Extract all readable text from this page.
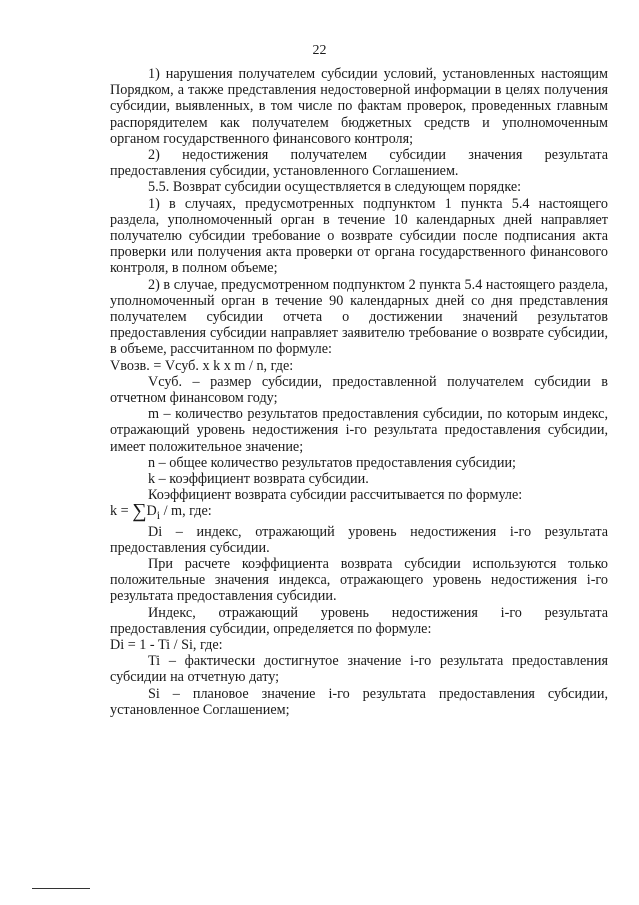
22

1) нарушения получателем субсидии условий, установленных настоящим Порядком, а также представления недостоверной информации в целях получения субсидии, выявленных, в том числе по фактам проверок, проведенных главным распорядителем как получателем бюджетных средств и уполномоченным органом государственного финансового контроля;

2) недостижения получателем субсидии значения результата предоставления субсидии, установленного Соглашением.

5.5. Возврат субсидии осуществляется в следующем порядке:

1) в случаях, предусмотренных подпунктом 1 пункта 5.4 настоящего раздела, уполномоченный орган в течение 10 календарных дней направляет получателю субсидии требование о возврате субсидии после подписания акта проверки или получения акта проверки от органа государственного финансового контроля, в полном объеме;

2) в случае, предусмотренном подпунктом 2 пункта 5.4 настоящего раздела, уполномоченный орган в течение 90 календарных дней со дня представления получателем субсидии отчета о достижении значений результатов предоставления субсидии направляет заявителю требование о возврате субсидии, в объеме, рассчитанном по формуле:

Vвозв. = Vсуб. x k x m / n, где:

Vсуб. – размер субсидии, предоставленной получателем субсидии в отчетном финансовом году;

m – количество результатов предоставления субсидии, по которым индекс, отражающий уровень недостижения i-го результата предоставления субсидии, имеет положительное значение;

n – общее количество результатов предоставления субсидии;

k – коэффициент возврата субсидии.

Коэффициент возврата субсидии рассчитывается по формуле:

$k = \sum D_i / m$, где:

Di – индекс, отражающий уровень недостижения i-го результата предоставления субсидии.

При расчете коэффициента возврата субсидии используются только положительные значения индекса, отражающего уровень недостижения i-го результата предоставления субсидии.

Индекс, отражающий уровень недостижения i-го результата предоставления субсидии, определяется по формуле:

Di = 1 - Ti / Si, где:

Ti – фактически достигнутое значение i-го результата предоставления субсидии на отчетную дату;

Si – плановое значение i-го результата предоставления субсидии, установленное Соглашением;
